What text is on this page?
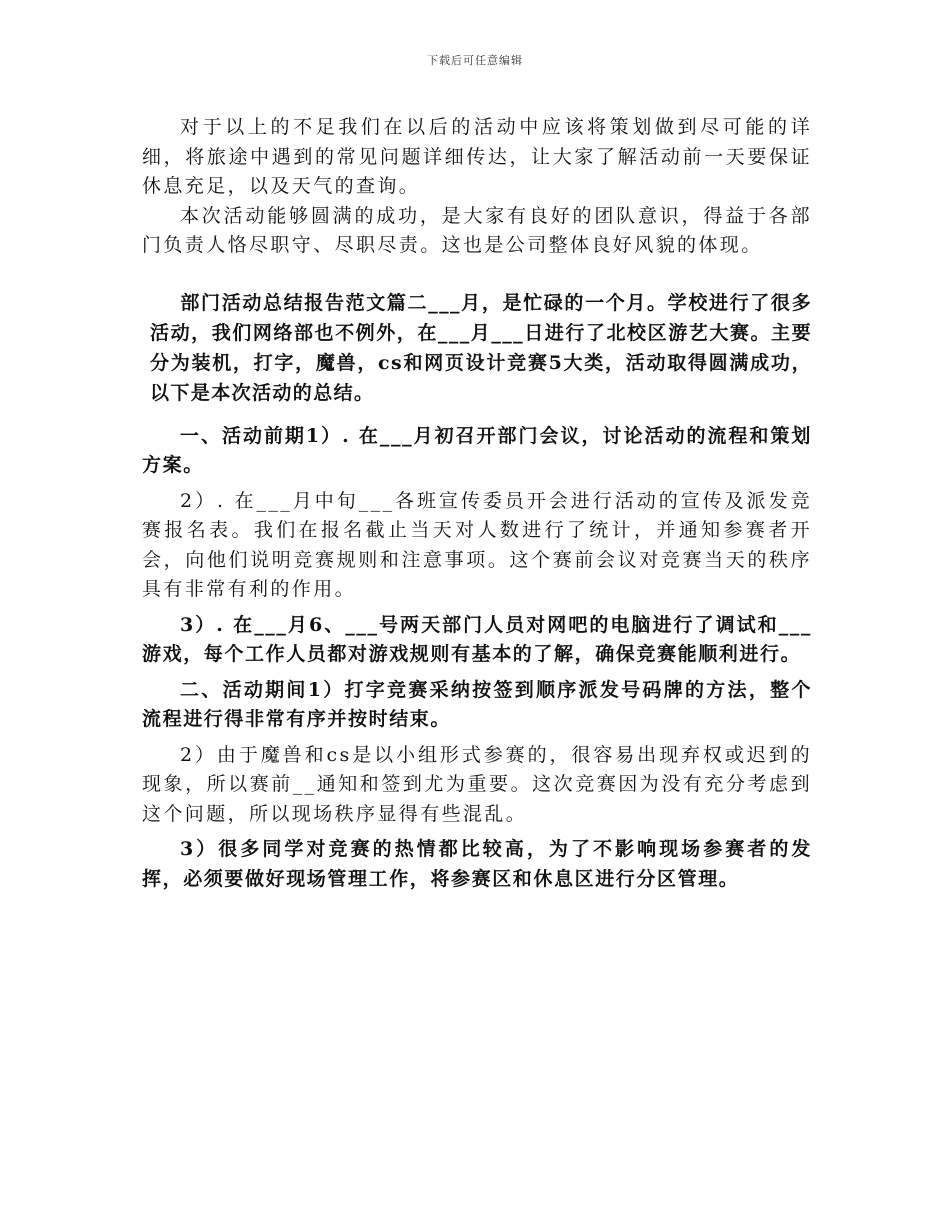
下载后可任意编辑

对于以上的不足我们在以后的活动中应该将策划做到尽可能的详细，将旅途中遇到的常见问题详细传达，让大家了解活动前一天要保证休息充足，以及天气的查询。

本次活动能够圆满的成功，是大家有良好的团队意识，得益于各部门负责人恪尽职守、尽职尽责。这也是公司整体良好风貌的体现。

部门活动总结报告范文篇二___月，是忙碌的一个月。学校进行了很多活动，我们网络部也不例外，在___月___日进行了北校区游艺大赛。主要分为装机，打字，魔兽，cs和网页设计竞赛5大类，活动取得圆满成功，以下是本次活动的总结。

一、活动前期1）. 在___月初召开部门会议，讨论活动的流程和策划方案。

2）. 在___月中旬___各班宣传委员开会进行活动的宣传及派发竞赛报名表。我们在报名截止当天对人数进行了统计，并通知参赛者开会，向他们说明竞赛规则和注意事项。这个赛前会议对竞赛当天的秩序具有非常有利的作用。

3）. 在___月6、___号两天部门人员对网吧的电脑进行了调试和___游戏，每个工作人员都对游戏规则有基本的了解，确保竞赛能顺利进行。

二、活动期间1）打字竞赛采纳按签到顺序派发号码牌的方法，整个流程进行得非常有序并按时结束。

2）由于魔兽和cs是以小组形式参赛的，很容易出现弃权或迟到的现象，所以赛前__通知和签到尤为重要。这次竞赛因为没有充分考虑到这个问题，所以现场秩序显得有些混乱。

3）很多同学对竞赛的热情都比较高，为了不影响现场参赛者的发挥，必须要做好现场管理工作，将参赛区和休息区进行分区管理。
